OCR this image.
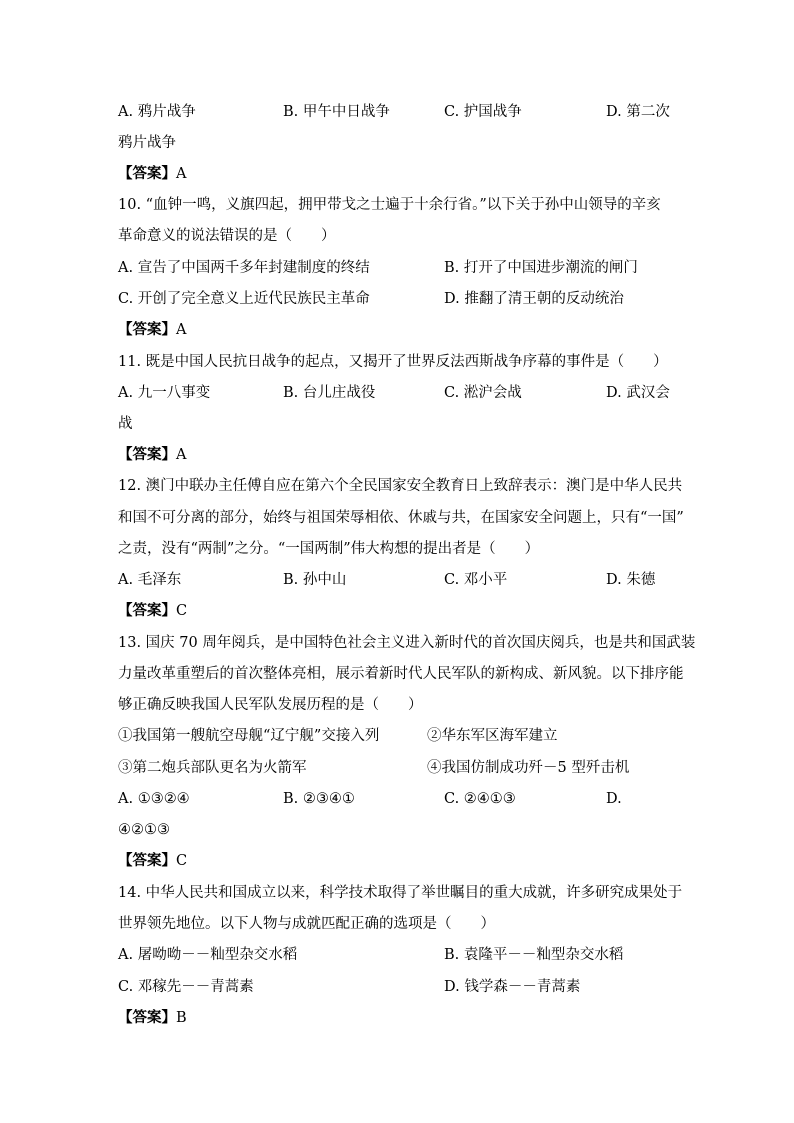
A. 鸦片战争	B. 甲午中日战争	C. 护国战争	D. 第二次
鸦片战争
【答案】A
10. “血钟一鸣，义旗四起，拥甲带戈之士遍于十余行省。”以下关于孙中山领导的辛亥
革命意义的说法错误的是（　　）
A. 宣告了中国两千多年封建制度的终结	B. 打开了中国进步潮流的闸门
C. 开创了完全意义上近代民族民主革命	D. 推翻了清王朝的反动统治
【答案】A
11. 既是中国人民抗日战争的起点，又揭开了世界反法西斯战争序幕的事件是（　　）
A. 九一八事变	B. 台儿庄战役	C. 淞沪会战	D. 武汉会
战
【答案】A
12. 澳门中联办主任傅自应在第六个全民国家安全教育日上致辞表示：澳门是中华人民共
和国不可分离的部分，始终与祖国荣辱相依、休戚与共，在国家安全问题上，只有“一国”
之责，没有“两制”之分。“一国两制”伟大构想的提出者是（　　）
A. 毛泽东	B. 孙中山	C. 邓小平	D. 朱德
【答案】C
13. 国庆 70 周年阅兵，是中国特色社会主义进入新时代的首次国庆阅兵，也是共和国武装
力量改革重塑后的首次整体亮相，展示着新时代人民军队的新构成、新风貌。以下排序能
够正确反映我国人民军队发展历程的是（　　）
①我国第一艘航空母舰“辽宁舰”交接入列	②华东军区海军建立
③第二炮兵部队更名为火箭军	④我国仿制成功歼－5 型歼击机
A. ①③②④	B. ②③④①	C. ②④①③	D.
④②①③
【答案】C
14. 中华人民共和国成立以来，科学技术取得了举世瞩目的重大成就，许多研究成果处于
世界领先地位。以下人物与成就匹配正确的选项是（　　）
A. 屠呦呦－－籼型杂交水稻	B. 袁隆平－－籼型杂交水稻
C. 邓稼先－－青蒿素	D. 钱学森－－青蒿素
【答案】B
